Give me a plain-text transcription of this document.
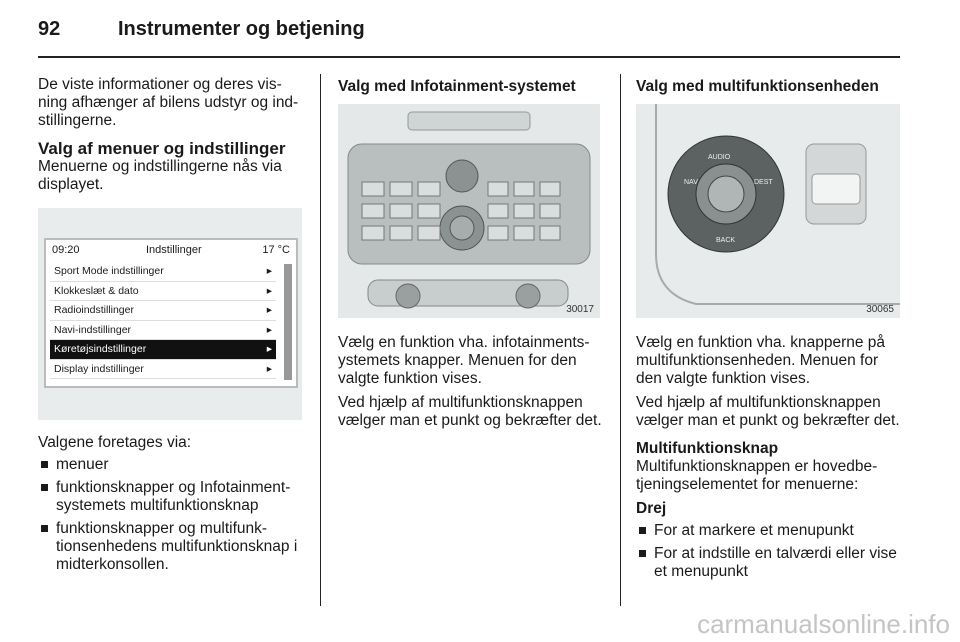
92	Instrumenter og betjening

De viste informationer og deres vis-ning afhænger af bilens udstyr og ind-stillingerne.

Valg af menuer og indstillinger

Menuerne og indstillingerne nås via displayet.

09:20	Indstillinger	17 °C
Sport Mode indstillinger	▸
Klokkeslæt & dato	▸
Radioindstillinger	▸
Navi-indstillinger	▸
Køretøjsindstillinger	▸
Display indstillinger	▸

Valgene foretages via:

menuer
funktionsknapper og Infotainment-systemets multifunktionsknap
funktionsknapper og multifunk-tionsenhedens multifunktionsknap i midterkonsollen.
Valg med Infotainment-systemet
30017

Vælg en funktion vha. infotainments-ystemets knapper. Menuen for den valgte funktion vises.

Ved hjælp af multifunktionsknappen vælger man et punkt og bekræfter det.

Valg med multifunktionsenheden
AUDIO
NAV	DEST
BACK
30065

Vælg en funktion vha. knapperne på multifunktionsenheden. Menuen for den valgte funktion vises.

Ved hjælp af multifunktionsknappen vælger man et punkt og bekræfter det.

Multifunktionsknap

Multifunktionsknappen er hovedbe-tjeningselementet for menuerne:

Drej
For at markere et menupunkt
For at indstille en talværdi eller vise et menupunkt
carmanualsonline.info
